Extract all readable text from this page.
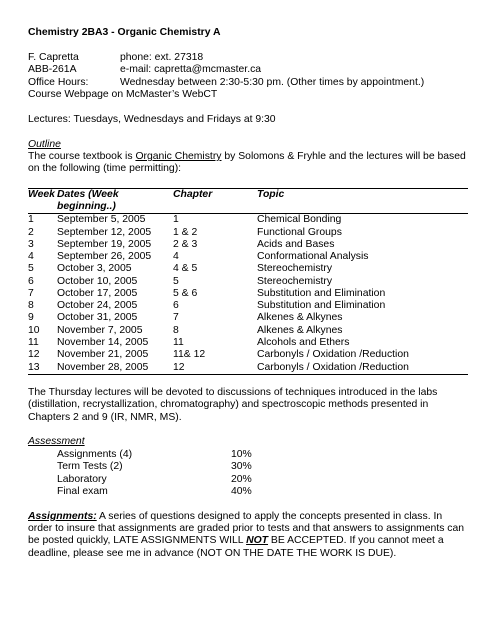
Chemistry 2BA3 - Organic Chemistry A
F. Capretta	phone: ext. 27318
ABB-261A	e-mail: capretta@mcmaster.ca
Office Hours:	Wednesday between 2:30-5:30 pm. (Other times by appointment.)
Course Webpage on McMaster’s WebCT
Lectures: Tuesdays, Wednesdays and Fridays at 9:30
Outline

The course textbook is Organic Chemistry by Solomons & Fryhle and the lectures will be based on the following (time permitting):

Week	Dates (Week	Chapter	Topic
	beginning..)		
1	September 5, 2005	1	Chemical Bonding
2	September 12, 2005	1 & 2	Functional Groups
3	September 19, 2005	2 & 3	Acids and Bases
4	September 26, 2005	4	Conformational Analysis
5	October 3, 2005	4 & 5	Stereochemistry
6	October 10, 2005	5	Stereochemistry
7	October 17, 2005	5 & 6	Substitution and Elimination
8	October 24, 2005	6	Substitution and Elimination
9	October 31, 2005	7	Alkenes & Alkynes
10	November 7, 2005	8	Alkenes & Alkynes
11	November 14, 2005	11	Alcohols and Ethers
12	November 21, 2005	11& 12	Carbonyls / Oxidation /Reduction
13	November 28, 2005	12	Carbonyls / Oxidation /Reduction

The Thursday lectures will be devoted to discussions of techniques introduced in the labs (distillation, recrystallization, chromatography) and spectroscopic methods presented in Chapters 2 and 9 (IR, NMR, MS).

Assessment
Assignments (4)	10%
Term Tests (2)	30%
Laboratory	20%
Final exam	40%

Assignments: A series of questions designed to apply the concepts presented in class. In order to insure that assignments are graded prior to tests and that answers to assignments can be posted quickly, LATE ASSIGNMENTS WILL NOT BE ACCEPTED. If you cannot meet a deadline, please see me in advance (NOT ON THE DATE THE WORK IS DUE).
